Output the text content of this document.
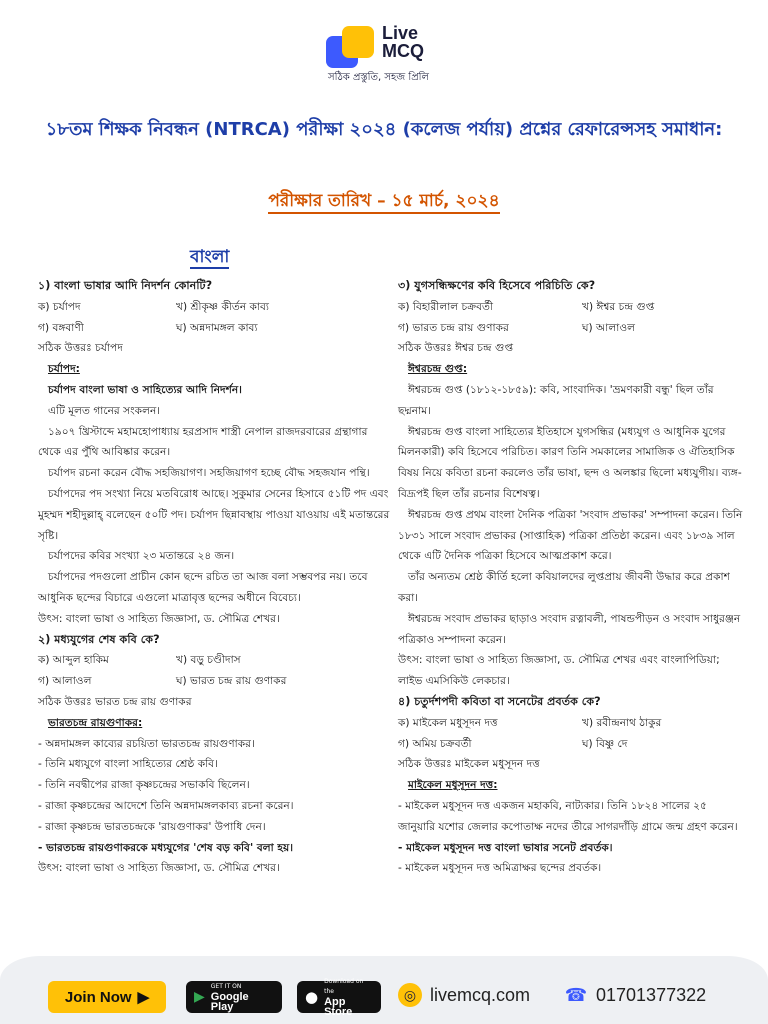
Live
MCQ
সঠিক প্রস্তুতি, সহজ প্রিলি
১৮তম শিক্ষক নিবন্ধন (NTRCA) পরীক্ষা ২০২৪ (কলেজ পর্যায়) প্রশ্নের রেফারেন্সসহ সমাধান:
পরীক্ষার তারিখ – ১৫ মার্চ, ২০২৪
বাংলা
১) বাংলা ভাষার আদি নিদর্শন কোনটি?
ক) চর্যাপদ	খ) শ্রীকৃষ্ণ কীর্তন কাব্য
গ) বঙ্গবাণী	ঘ) অন্নদামঙ্গল কাব্য
সঠিক উত্তরঃ চর্যাপদ
চর্যাপদ:
চর্যাপদ বাংলা ভাষা ও সাহিত্যের আদি নিদর্শন।
এটি মূলত গানের সংকলন।
১৯০৭ খ্রিস্টাব্দে মহামহোপাধ্যায় হরপ্রসাদ শাস্ত্রী নেপাল রাজদরবারের গ্রন্থাগার থেকে এর পুঁথি আবিষ্কার করেন।
চর্যাপদ রচনা করেন বৌদ্ধ সহজিয়াগণ। সহজিয়াগণ হচ্ছে বৌদ্ধ সহজযান পন্থি।
চর্যাপদের পদ সংখ্যা নিয়ে মতবিরোধ আছে। সুকুমার সেনের হিসাবে ৫১টি পদ এবং মুহম্মদ শহীদুল্লাহ্‌ বলেছেন ৫০টি পদ। চর্যাপদ ছিন্নাবস্থায় পাওয়া যাওয়ায় এই মতান্তরের সৃষ্টি।
চর্যাপদের কবির সংখ্যা ২৩ মতান্তরে ২৪ জন।
চর্যাপদের পদগুলো প্রাচীন কোন ছন্দে রচিত তা আজ বলা সম্ভবপর নয়। তবে আধুনিক ছন্দের বিচারে এগুলো মাত্রাবৃত্ত ছন্দের অধীনে বিবেচ্য।
উৎস: বাংলা ভাষা ও সাহিত্য জিজ্ঞাসা, ড. সৌমিত্র শেখর।
২) মধ্যযুগের শেষ কবি কে?
ক) আব্দুল হাকিম	খ) বড়ু চণ্ডীদাস
গ) আলাওল	ঘ) ভারত চন্দ্র রায় গুণাকর
সঠিক উত্তরঃ ভারত চন্দ্র রায় গুণাকর
ভারতচন্দ্র রায়গুণাকর:
- অন্নদামঙ্গল কাব্যের রচয়িতা ভারতচন্দ্র রায়গুণাকর।
- তিনি মধ্যযুগে বাংলা সাহিত্যের শ্রেষ্ঠ কবি।
- তিনি নবদ্বীপের রাজা কৃষ্ণচন্দ্রের সভাকবি ছিলেন।
- রাজা কৃষ্ণচন্দ্রের আদেশে তিনি অন্নদামঙ্গলকাব্য রচনা করেন।
- রাজা কৃষ্ণচন্দ্র ভারতচন্দ্রকে 'রায়গুণাকর' উপাধি দেন।
- ভারতচন্দ্র রায়গুণাকরকে মধ্যযুগের 'শেষ বড় কবি' বলা হয়।
উৎস: বাংলা ভাষা ও সাহিত্য জিজ্ঞাসা, ড. সৌমিত্র শেখর।
৩) যুগসন্ধিক্ষণের কবি হিসেবে পরিচিতি কে?
ক) বিহারীলাল চক্রবর্তী	খ) ঈশ্বর চন্দ্র গুপ্ত
গ) ভারত চন্দ্র রায় গুণাকর	ঘ) আলাওল
সঠিক উত্তরঃ ঈশ্বর চন্দ্র গুপ্ত
ঈশ্বরচন্দ্র গুপ্ত:
ঈশ্বরচন্দ্র গুপ্ত (১৮১২-১৮৫৯): কবি, সাংবাদিক। 'ভ্রমণকারী বন্ধু' ছিল তাঁর ছদ্মনাম।
ঈশ্বরচন্দ্র গুপ্ত বাংলা সাহিত্যের ইতিহাসে যুগসন্ধির (মধ্যযুগ ও আধুনিক যুগের মিলনকারী) কবি হিসেবে পরিচিত। কারণ তিনি সমকালের সামাজিক ও ঐতিহাসিক বিষয় নিয়ে কবিতা রচনা করলেও তাঁর ভাষা, ছন্দ ও অলঙ্কার ছিলো মধ্যযুগীয়। ব্যঙ্গ-বিদ্রূপই ছিল তাঁর রচনার বিশেষত্ব।
ঈশ্বরচন্দ্র গুপ্ত প্রথম বাংলা দৈনিক পত্রিকা 'সংবাদ প্রভাকর' সম্পাদনা করেন। তিনি ১৮৩১ সালে সংবাদ প্রভাকর (সাপ্তাহিক) পত্রিকা প্রতিষ্ঠা করেন। এবং ১৮৩৯ সাল থেকে এটি দৈনিক পত্রিকা হিসেবে আত্মপ্রকাশ করে।
তাঁর অন্যতম শ্রেষ্ঠ কীর্তি হলো কবিয়ালদের লুপ্তপ্রায় জীবনী উদ্ধার করে প্রকাশ করা।
ঈশ্বরচন্দ্র সংবাদ প্রভাকর ছাড়াও সংবাদ রত্নাবলী, পাষন্ডপীড়ন ও সংবাদ সাধুরঞ্জন পত্রিকাও সম্পাদনা করেন।
উৎস: বাংলা ভাষা ও সাহিত্য জিজ্ঞাসা, ড. সৌমিত্র শেখর এবং বাংলাপিডিয়া; লাইভ এমসিকিউ লেকচার।
৪) চতুর্দশপদী কবিতা বা সনেটের প্রবর্তক কে?
ক) মাইকেল মধুসূদন দত্ত	খ) রবীন্দ্রনাথ ঠাকুর
গ) অমিয় চক্রবর্তী	ঘ) বিষ্ণু দে
সঠিক উত্তরঃ মাইকেল মধুসূদন দত্ত
মাইকেল মধুসূদন দত্ত:
- মাইকেল মধুসূদন দত্ত একজন মহাকবি, নাট্যকার। তিনি ১৮২৪ সালের ২৫ জানুয়ারি যশোর জেলার কপোতাক্ষ নদের তীরে সাগরদাঁড়ি গ্রামে জন্ম গ্রহণ করেন।
- মাইকেল মধুসূদন দত্ত বাংলা ভাষার সনেট প্রবর্তক।
- মাইকেল মধুসূদন দত্ত অমিত্রাক্ষর ছন্দের প্রবর্তক।
Join Now ▶	▶
GET IT ON
Google Play
●
Download on the
App Store
◎ livemcq.com ☎ 01701377322
